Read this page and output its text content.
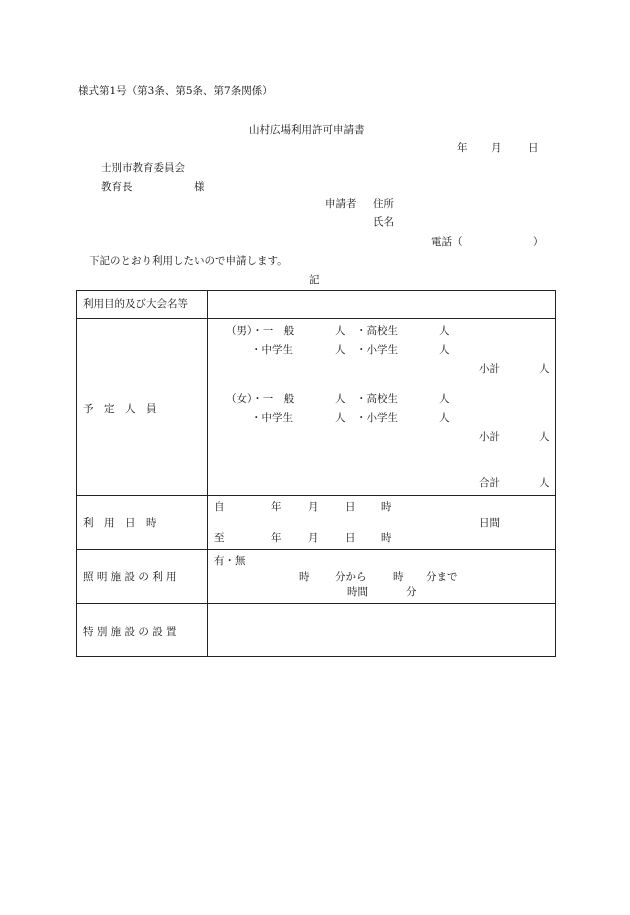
様式第1号（第3条、第5条、第7条関係）
山村広場利用許可申請書
年 月	日
士別市教育委員会
教育長	様
申請者 住所
氏名
電話（	）
下記のとおり利用したいので申請します。
記
利用目的及び大会名等
予　定　人　員
（男）・一　般	人 ・高校生	人
・中学生	人 ・小学生	人
小計	人
（女）・一　般	人 ・高校生	人
・中学生	人 ・小学生	人
小計	人
合計	人
利　用　日　時
自	年	月	日 時
日間
至	年	月	日 時
照 明 施 設 の 利 用
有・無
時 分から	時 分まで
時間	分
特 別 施 設 の 設 置
